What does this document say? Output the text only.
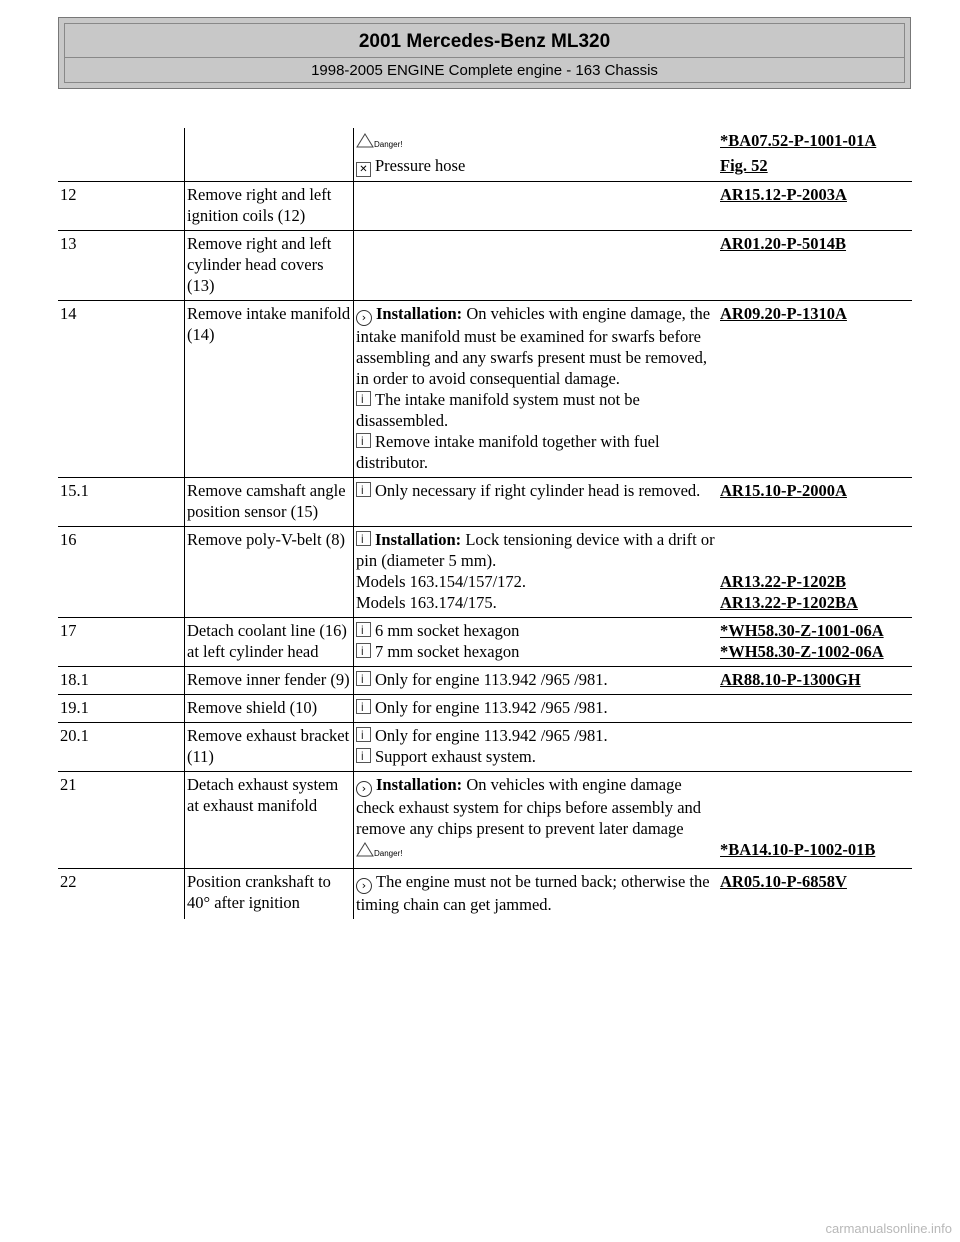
2001 Mercedes-Benz ML320
1998-2005 ENGINE Complete engine - 163 Chassis

		Danger!
✕ Pressure hose	*BA07.52-P-1001-01A
Fig. 52

12	Remove right and left ignition coils (12)		AR15.12-P-2003A

13	Remove right and left cylinder head covers (13)		AR01.20-P-5014B

14	Remove intake manifold (14)	› Installation: On vehicles with engine damage, the intake manifold must be examined for swarfs before assembling and any swarfs present must be removed, in order to avoid consequential damage.
iThe intake manifold system must not be disassembled.
iRemove intake manifold together with fuel distributor.	AR09.20-P-1310A

15.1	Remove camshaft angle position sensor (15)	
iOnly necessary if right cylinder head is removed.	AR15.10-P-2000A

16	Remove poly-V-belt (8)	
iInstallation: Lock tensioning device with a drift or pin (diameter 5 mm).
Models 163.154/157/172.
Models 163.174/175.	AR13.22-P-1202B
AR13.22-P-1202BA

17	Detach coolant line (16) at left cylinder head	
i6 mm socket hexagon
i7 mm socket hexagon	*WH58.30-Z-1001-06A
*WH58.30-Z-1002-06A

18.1	Remove inner fender (9)	
iOnly for engine 113.942 /965 /981.	AR88.10-P-1300GH

19.1	Remove shield (10)	
iOnly for engine 113.942 /965 /981.

20.1	Remove exhaust bracket (11)	
iOnly for engine 113.942 /965 /981.
iSupport exhaust system.

21	Detach exhaust system at exhaust manifold	› Installation: On vehicles with engine damage check exhaust system for chips before assembly and remove any chips present to prevent later damage
Danger!	*BA14.10-P-1002-01B

22	Position crankshaft to 40° after ignition	› The engine must not be turned back; otherwise the timing chain can get jammed.	AR05.10-P-6858V
carmanualsonline.info
